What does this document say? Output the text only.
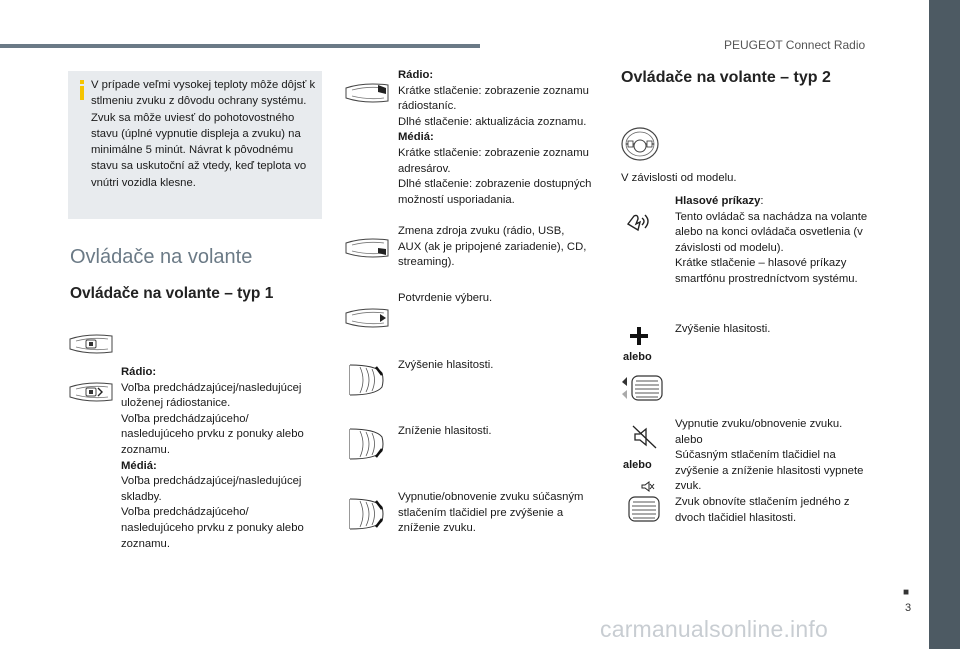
PEUGEOT Connect Radio
■
3
carmanualsonline.info
V prípade veľmi vysokej teploty môže dôjsť k stlmeniu zvuku z dôvodu ochrany systému. Zvuk sa môže uviesť do pohotovostného stavu (úplné vypnutie displeja a zvuku) na minimálne 5 minút. Návrat k pôvodnému stavu sa uskutoční až vtedy, keď teplota vo vnútri vozidla klesne.
Ovládače na volante
Ovládače na volante – typ 1

Rádio:

Voľba predchádzajúcej/nasledujúcej uloženej rádiostanice.

Voľba predchádzajúceho/ nasledujúceho prvku z ponuky alebo zoznamu.

Médiá:

Voľba predchádzajúcej/nasledujúcej skladby.

Voľba predchádzajúceho/ nasledujúceho prvku z ponuky alebo zoznamu.

Rádio:

Krátke stlačenie: zobrazenie zoznamu rádiostaníc.

Dlhé stlačenie: aktualizácia zoznamu.

Médiá:

Krátke stlačenie: zobrazenie zoznamu adresárov.

Dlhé stlačenie: zobrazenie dostupných možností usporiadania.

Zmena zdroja zvuku (rádio, USB, AUX (ak je pripojené zariadenie), CD, streaming).
Potvrdenie výberu.
Zvýšenie hlasitosti.
Zníženie hlasitosti.
Vypnutie/obnovenie zvuku súčasným stlačením tlačidiel pre zvýšenie a zníženie zvuku.
Ovládače na volante – typ 2
V závislosti od modelu.

Hlasové príkazy:

Tento ovládač sa nachádza na volante alebo na konci ovládača osvetlenia (v závislosti od modelu).

Krátke stlačenie – hlasové príkazy smartfónu prostredníctvom systému.

alebo
Zvýšenie hlasitosti.
alebo

Vypnutie zvuku/obnovenie zvuku.

alebo

Súčasným stlačením tlačidiel na zvýšenie a zníženie hlasitosti vypnete zvuk.

Zvuk obnovíte stlačením jedného z dvoch tlačidiel hlasitosti.
